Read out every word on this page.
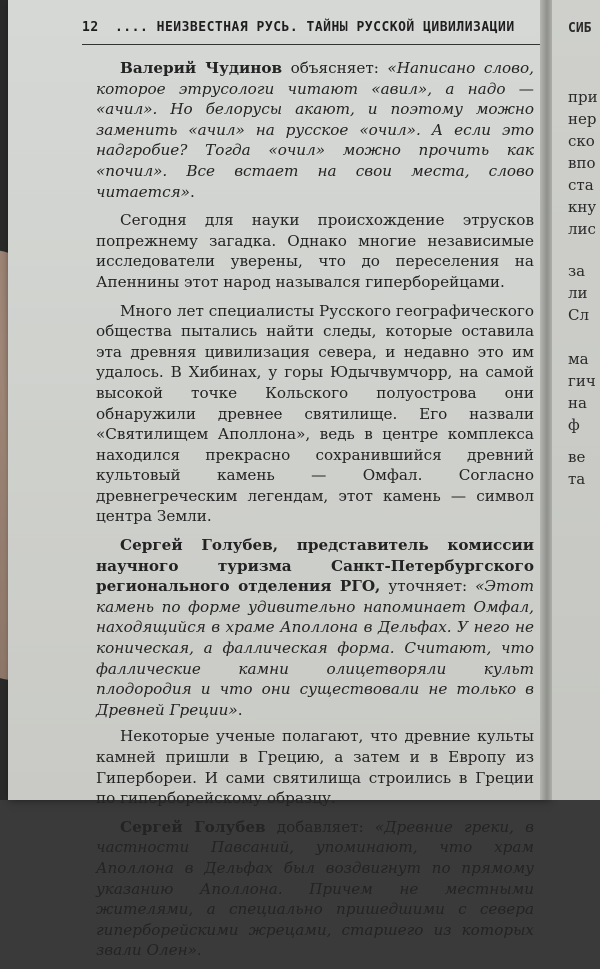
12 .... НЕИЗВЕСТНАЯ РУСЬ. ТАЙНЫ РУССКОЙ ЦИВИЛИЗАЦИИ

Валерий Чудинов объясняет: «Написано слово, которое этрусологи читают «авил», а надо — «ачил». Но белорусы акают, и поэтому можно заменить «ачил» на русское «очил». А если это надгробие? Тогда «очил» можно прочить как «почил». Все встает на свои места, слово читается».

Сегодня для науки происхождение этрусков попрежнему загадка. Однако многие независимые исследователи уверены, что до переселения на Апеннины этот народ назывался гиперборейцами.

Много лет специалисты Русского географического общества пытались найти следы, которые оставила эта древняя цивилизация севера, и недавно это им удалось. В Хибинах, у горы Юдычвумчорр, на самой высокой точке Кольского полуострова они обнаружили древнее святилище. Его назвали «Святилищем Аполлона», ведь в центре комплекса находился прекрасно сохранившийся древний культовый камень — Омфал. Согласно древнегреческим легендам, этот камень — символ центра Земли.

Сергей Голубев, представитель комиссии научного туризма Санкт-Петербургского регионального отделения РГО, уточняет: «Этот камень по форме удивительно напоминает Омфал, находящийся в храме Аполлона в Дельфах. У него не коническая, а фаллическая форма. Считают, что фаллические камни олицетворяли культ плодородия и что они существовали не только в Древней Греции».

Некоторые ученые полагают, что древние культы камней пришли в Грецию, а затем и в Европу из Гипербореи. И сами святилища строились в Греции по гиперборейскому образцу.

Сергей Голубев добавляет: «Древние греки, в частности Павсаний, упоминают, что храм Аполлона в Дельфах был воздвигнут по прямому указанию Аполлона. Причем не местными жителями, а специально пришедшими с севера гиперборейскими жрецами, старшего из которых звали Олен».

СИБ
при
нер
ско
впо
ста
кну
лис
за
ли
Сл
ма
гич
на
ф
ве
та
